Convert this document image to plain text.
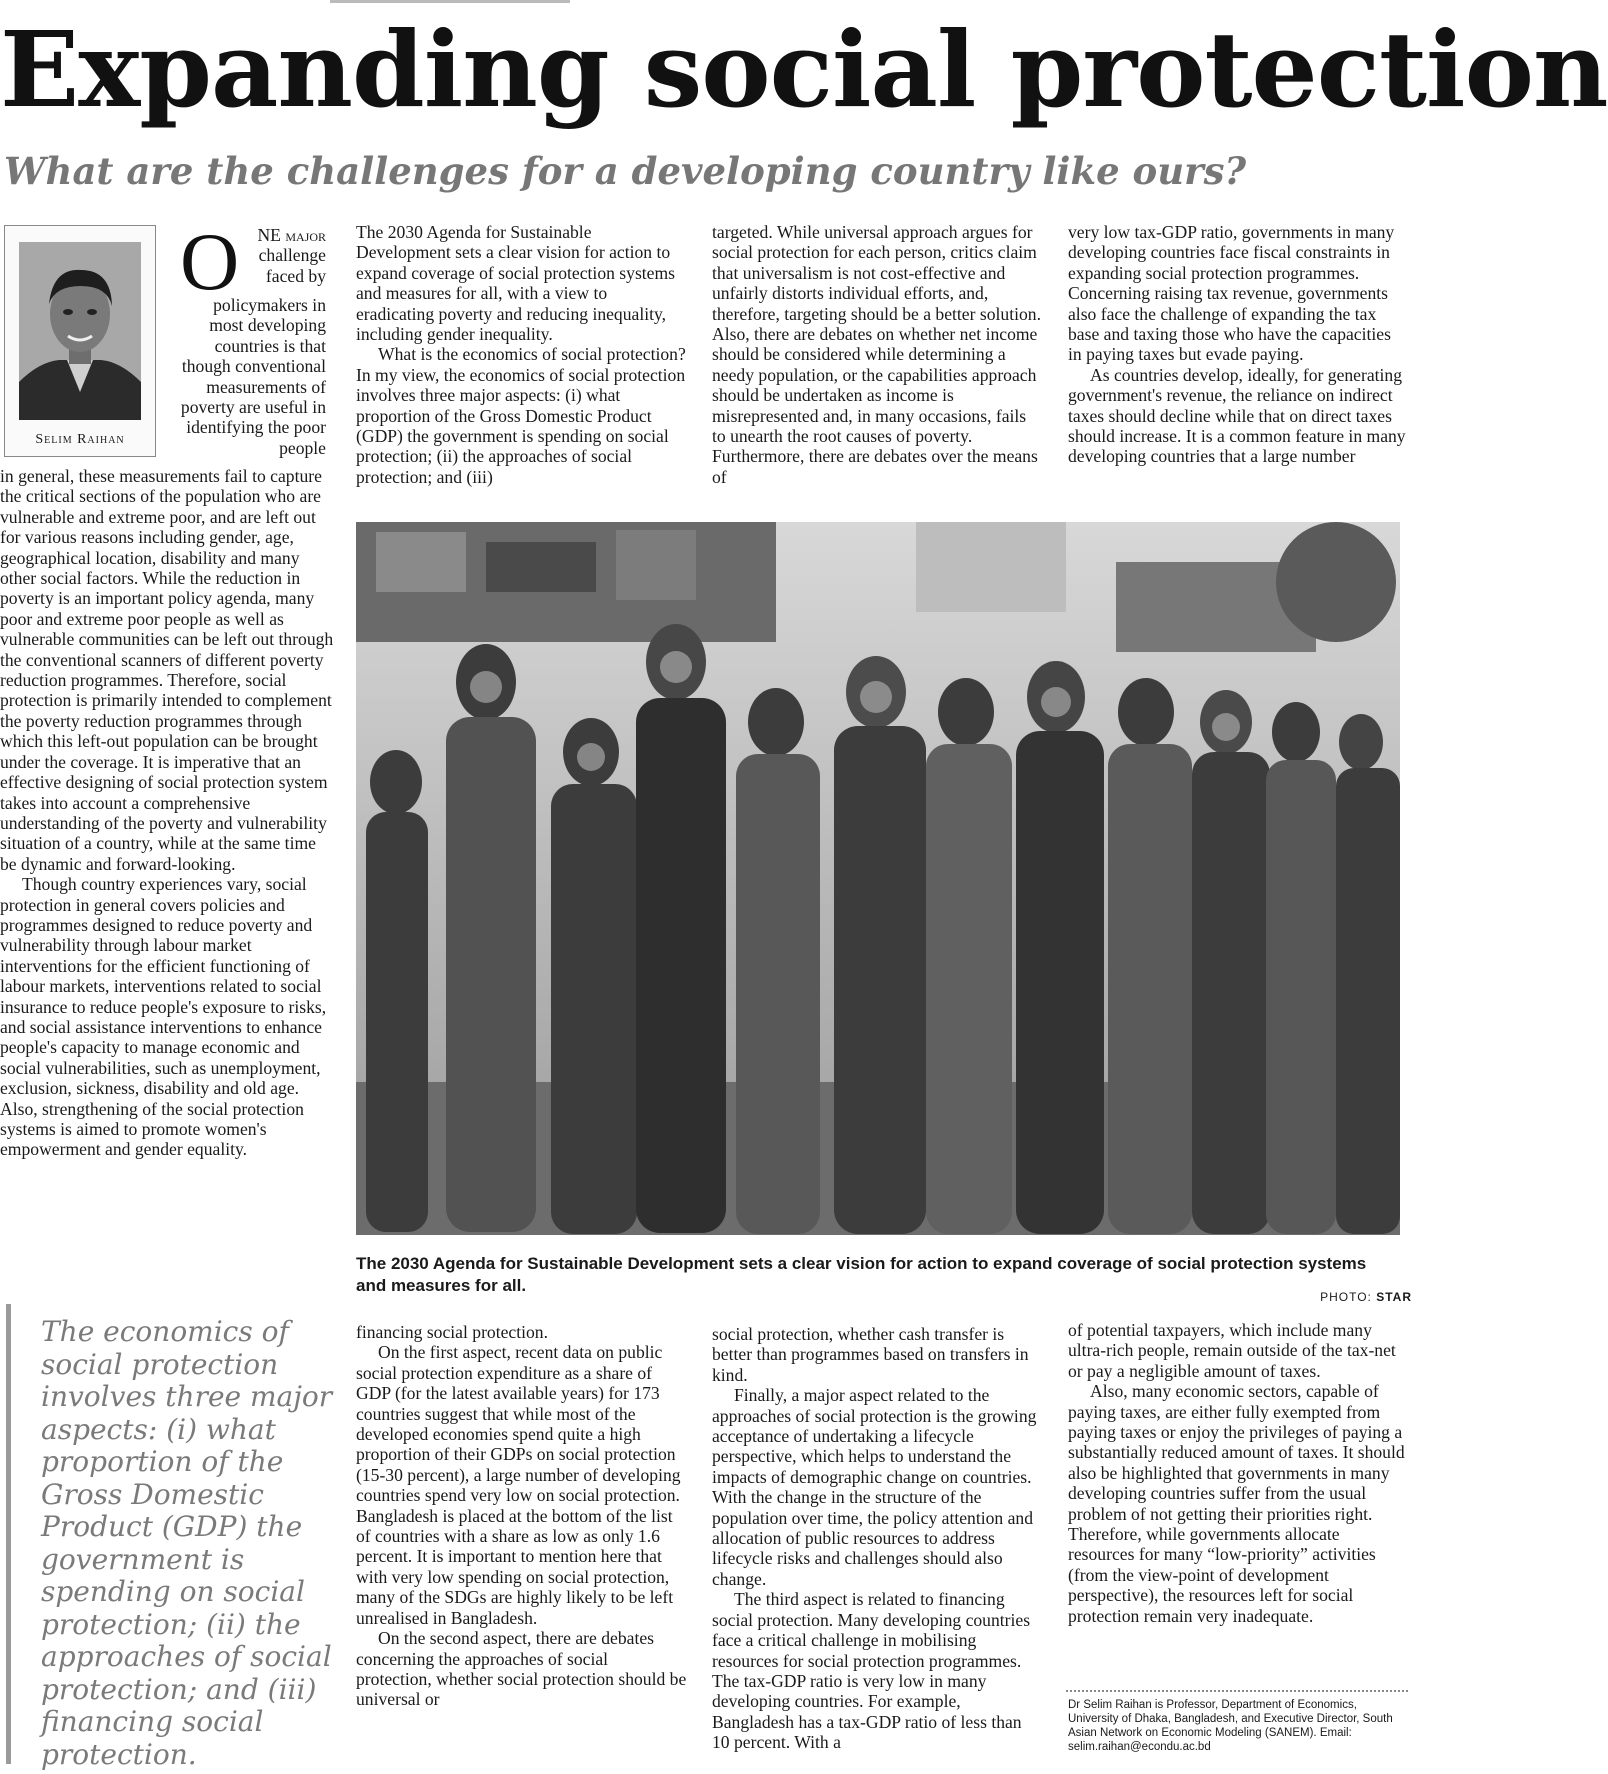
Expanding social protection
What are the challenges for a developing country like ours?
Selim Raihan
O	NE major challenge faced by policymakers in most developing countries is that though conventional measurements of poverty are useful in identifying the poor people

in general, these measurements fail to capture the critical sections of the population who are vulnerable and extreme poor, and are left out for various reasons including gender, age, geographical location, disability and many other social factors. While the reduction in poverty is an important policy agenda, many poor and extreme poor people as well as vulnerable communities can be left out through the conventional scanners of different poverty reduction programmes. Therefore, social protection is primarily intended to complement the poverty reduction programmes through which this left-out population can be brought under the coverage. It is imperative that an effective designing of social protection system takes into account a comprehensive understanding of the poverty and vulnerability situation of a country, while at the same time be dynamic and forward-looking.

Though country experiences vary, social protection in general covers policies and programmes designed to reduce poverty and vulnerability through labour market interventions for the efficient functioning of labour markets, interventions related to social insurance to reduce people's exposure to risks, and social assistance interventions to enhance people's capacity to manage economic and social vulnerabilities, such as unemployment, exclusion, sickness, disability and old age. Also, strengthening of the social protection systems is aimed to promote women's empowerment and gender equality.

The 2030 Agenda for Sustainable Development sets a clear vision for action to expand coverage of social protection systems and measures for all, with a view to eradicating poverty and reducing inequality, including gender inequality.

What is the economics of social protection? In my view, the economics of social protection involves three major aspects: (i) what proportion of the Gross Domestic Product (GDP) the government is spending on social protection; (ii) the approaches of social protection; and (iii)

targeted. While universal approach argues for social protection for each person, critics claim that universalism is not cost-effective and unfairly distorts individual efforts, and, therefore, targeting should be a better solution. Also, there are debates on whether net income should be considered while determining a needy population, or the capabilities approach should be undertaken as income is misrepresented and, in many occasions, fails to unearth the root causes of poverty. Furthermore, there are debates over the means of

very low tax-GDP ratio, governments in many developing countries face fiscal constraints in expanding social protection programmes. Concerning raising tax revenue, governments also face the challenge of expanding the tax base and taxing those who have the capacities in paying taxes but evade paying.

As countries develop, ideally, for generating government's revenue, the reliance on indirect taxes should decline while that on direct taxes should increase. It is a common feature in many developing countries that a large number

The 2030 Agenda for Sustainable Development sets a clear vision for action to expand coverage of social protection systems and measures for all.
PHOTO: STAR
The economics of social protection involves three major aspects: (i) what proportion of the Gross Domestic Product (GDP) the government is spending on social protection; (ii) the approaches of social protection; and (iii) financing social protection.

financing social protection.

On the first aspect, recent data on public social protection expenditure as a share of GDP (for the latest available years) for 173 countries suggest that while most of the developed economies spend quite a high proportion of their GDPs on social protection (15-30 percent), a large number of developing countries spend very low on social protection. Bangladesh is placed at the bottom of the list of countries with a share as low as only 1.6 percent. It is important to mention here that with very low spending on social protection, many of the SDGs are highly likely to be left unrealised in Bangladesh.

On the second aspect, there are debates concerning the approaches of social protection, whether social protection should be universal or

social protection, whether cash transfer is better than programmes based on transfers in kind.

Finally, a major aspect related to the approaches of social protection is the growing acceptance of undertaking a lifecycle perspective, which helps to understand the impacts of demographic change on countries. With the change in the structure of the population over time, the policy attention and allocation of public resources to address lifecycle risks and challenges should also change.

The third aspect is related to financing social protection. Many developing countries face a critical challenge in mobilising resources for social protection programmes. The tax-GDP ratio is very low in many developing countries. For example, Bangladesh has a tax-GDP ratio of less than 10 percent. With a

of potential taxpayers, which include many ultra-rich people, remain outside of the tax-net or pay a negligible amount of taxes.

Also, many economic sectors, capable of paying taxes, are either fully exempted from paying taxes or enjoy the privileges of paying a substantially reduced amount of taxes. It should also be highlighted that governments in many developing countries suffer from the usual problem of not getting their priorities right. Therefore, while governments allocate resources for many “low-priority” activities (from the view-point of development perspective), the resources left for social protection remain very inadequate.

Dr Selim Raihan is Professor, Department of Economics, University of Dhaka, Bangladesh, and Executive Director, South Asian Network on Economic Modeling (SANEM). Email: selim.raihan@econdu.ac.bd
